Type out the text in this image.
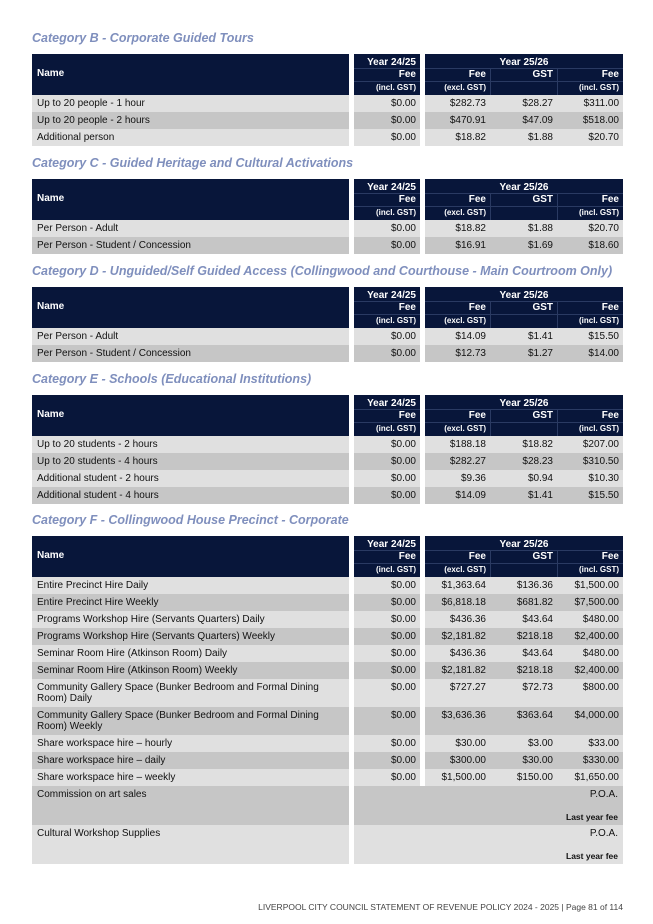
Category B - Corporate Guided Tours
Name
Year 24/25
Fee
(incl. GST)
Year 25/26
Fee
(excl. GST)
GST	Fee
(incl. GST)
Up to 20 people - 1 hour	$0.00	$282.73	$28.27	$311.00
Up to 20 people - 2 hours	$0.00	$470.91	$47.09	$518.00
Additional person	$0.00	$18.82	$1.88	$20.70
Category C - Guided Heritage and Cultural Activations
Name
Year 24/25
Fee
(incl. GST)
Year 25/26
Fee
(excl. GST)
GST	Fee
(incl. GST)
Per Person - Adult	$0.00	$18.82	$1.88	$20.70
Per Person - Student / Concession	$0.00	$16.91	$1.69	$18.60
Category D - Unguided/Self Guided Access (Collingwood and Courthouse - Main Courtroom Only)
Name
Year 24/25
Fee
(incl. GST)
Year 25/26
Fee
(excl. GST)
GST	Fee
(incl. GST)
Per Person - Adult	$0.00	$14.09	$1.41	$15.50
Per Person - Student / Concession	$0.00	$12.73	$1.27	$14.00
Category E - Schools (Educational Institutions)
Name
Year 24/25
Fee
(incl. GST)
Year 25/26
Fee
(excl. GST)
GST	Fee
(incl. GST)
Up to 20 students - 2 hours	$0.00	$188.18	$18.82	$207.00
Up to 20 students - 4 hours	$0.00	$282.27	$28.23	$310.50
Additional student - 2 hours	$0.00	$9.36	$0.94	$10.30
Additional student - 4 hours	$0.00	$14.09	$1.41	$15.50
Category F - Collingwood House Precinct - Corporate
Name
Year 24/25
Fee
(incl. GST)
Year 25/26
Fee
(excl. GST)
GST	Fee
(incl. GST)
Entire Precinct Hire Daily	$0.00	$1,363.64	$136.36 $1,500.00
Entire Precinct Hire Weekly	$0.00	$6,818.18	$681.82 $7,500.00
Programs Workshop Hire (Servants Quarters) Daily	$0.00	$436.36	$43.64	$480.00
Programs Workshop Hire (Servants Quarters) Weekly	$0.00	$2,181.82	$218.18 $2,400.00
Seminar Room Hire (Atkinson Room) Daily	$0.00	$436.36	$43.64	$480.00
Seminar Room Hire (Atkinson Room) Weekly	$0.00	$2,181.82	$218.18 $2,400.00
Community Gallery Space (Bunker Bedroom and Formal Dining Room) Daily
$0.00	$727.27	$72.73	$800.00
Community Gallery Space (Bunker Bedroom and Formal Dining Room) Weekly
$0.00	$3,636.36	$363.64 $4,000.00
Share workspace hire – hourly	$0.00	$30.00	$3.00	$33.00
Share workspace hire – daily	$0.00	$300.00	$30.00	$330.00
Share workspace hire – weekly	$0.00	$1,500.00	$150.00 $1,650.00
Commission on art sales	P.O.A.
Last year fee
Cultural Workshop Supplies	P.O.A.
Last year fee
LIVERPOOL CITY COUNCIL STATEMENT OF REVENUE POLICY 2024 - 2025 | Page 81 of 114
